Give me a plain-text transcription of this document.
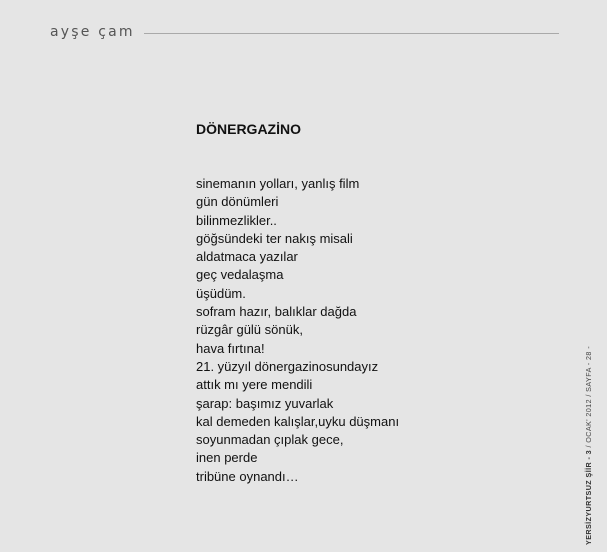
ayşe çam
DÖNERGAZİNO
sinemanın yolları, yanlış film
gün dönümleri
bilinmezlikler..
göğsündeki ter nakış misali
aldatmaca yazılar
geç vedalaşma
üşüdüm.
sofram hazır, balıklar dağda
rüzgâr gülü sönük,
hava fırtına!
21. yüzyıl dönergazinosundayız
attık mı yere mendili
şarap: başımız yuvarlak
kal demeden kalışlar,uyku düşmanı
soyunmadan çıplak gece,
inen perde
tribüne oynandı…	YERSİZYURTSUZ ŞİİR - 3 / OCAK' 2012 / SAYFA - 28 -
